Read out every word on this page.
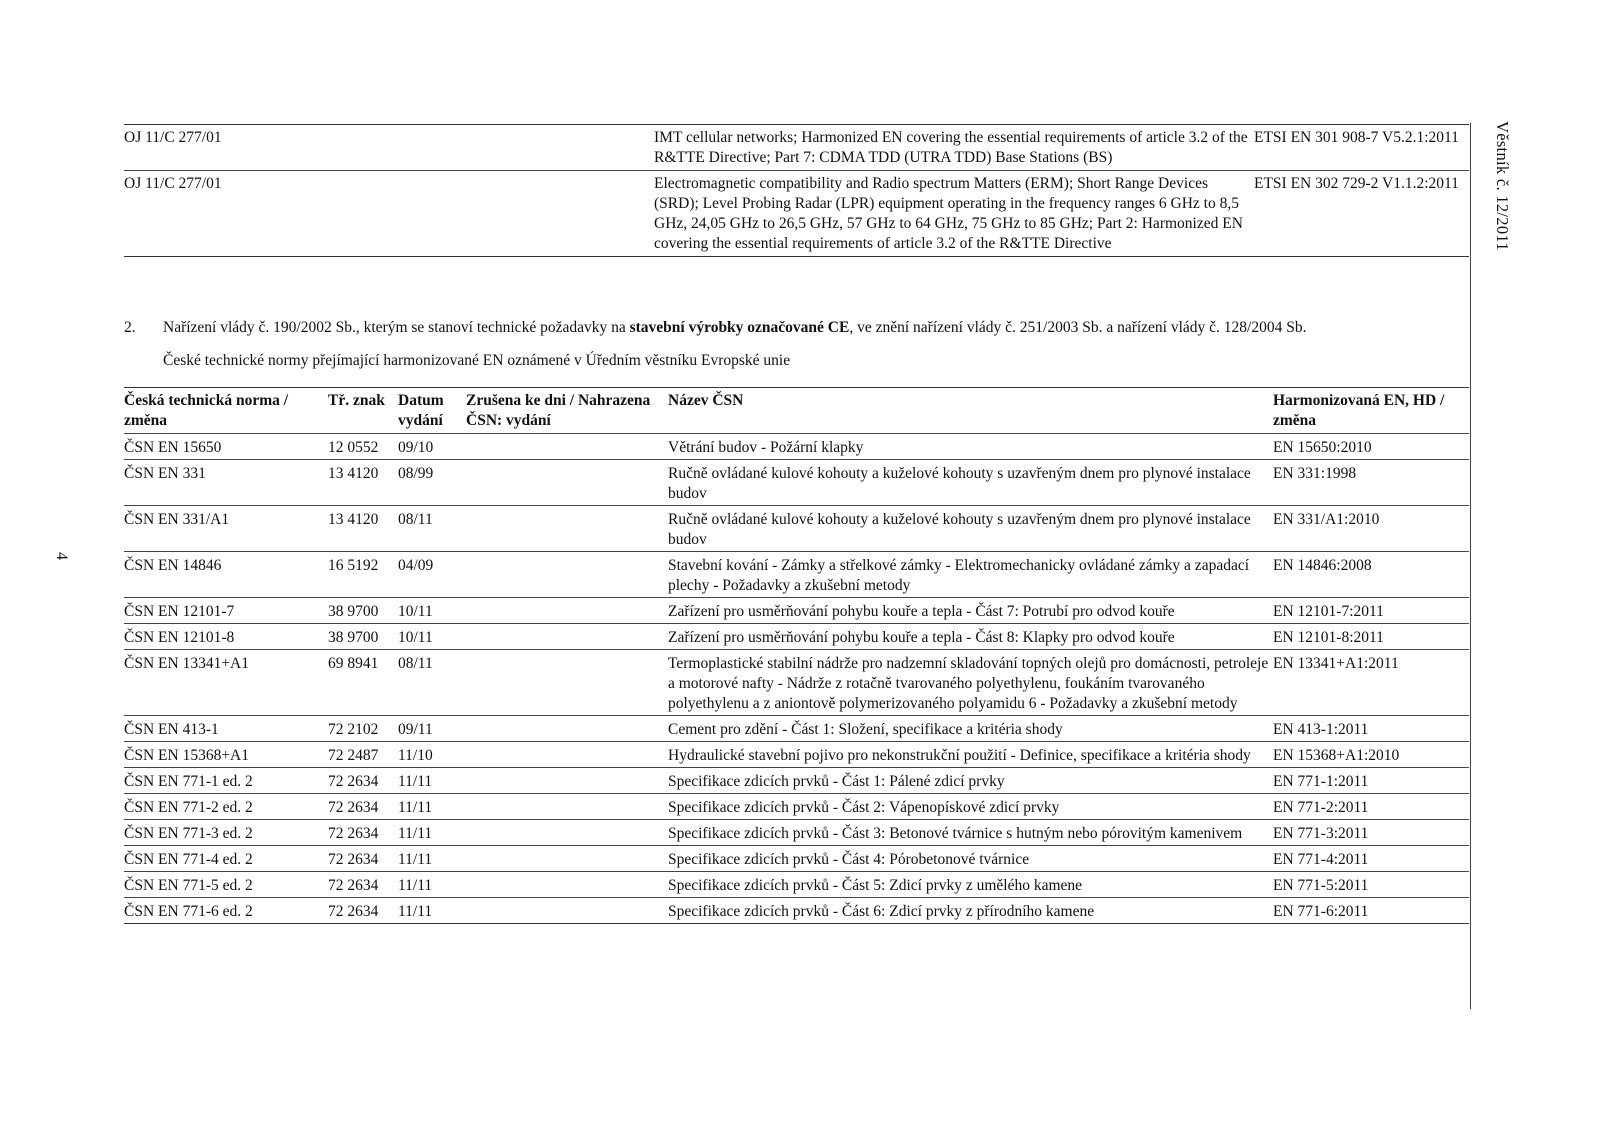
4
Věstník č. 12/2011
OJ 11/C 277/01	IMT cellular networks; Harmonized EN covering the essential requirements of article 3.2 of the R&TTE Directive; Part 7: CDMA TDD (UTRA TDD) Base Stations (BS)	ETSI EN 301 908-7 V5.2.1:2011
OJ 11/C 277/01	Electromagnetic compatibility and Radio spectrum Matters (ERM); Short Range Devices (SRD); Level Probing Radar (LPR) equipment operating in the frequency ranges 6 GHz to 8,5 GHz, 24,05 GHz to 26,5 GHz, 57 GHz to 64 GHz, 75 GHz to 85 GHz; Part 2: Harmonized EN covering the essential requirements of article 3.2 of the R&TTE Directive	ETSI EN 302 729-2 V1.1.2:2011
2. Nařízení vlády č. 190/2002 Sb., kterým se stanoví technické požadavky na stavební výrobky označované CE, ve znění nařízení vlády č. 251/2003 Sb. a nařízení vlády č. 128/2004 Sb.
České technické normy přejímající harmonizované EN oznámené v Úředním věstníku Evropské unie
Česká technická norma / změna	Tř. znak	Datum vydání	Zrušena ke dni / Nahrazena ČSN: vydání	Název ČSN	Harmonizovaná EN, HD / změna
ČSN EN 15650	12 0552	09/10		Větrání budov - Požární klapky	EN 15650:2010
ČSN EN 331	13 4120	08/99		Ručně ovládané kulové kohouty a kuželové kohouty s uzavřeným dnem pro plynové instalace budov	EN 331:1998
ČSN EN 331/A1	13 4120	08/11		Ručně ovládané kulové kohouty a kuželové kohouty s uzavřeným dnem pro plynové instalace budov	EN 331/A1:2010
ČSN EN 14846	16 5192	04/09		Stavební kování - Zámky a střelkové zámky - Elektromechanicky ovládané zámky a zapadací plechy - Požadavky a zkušební metody	EN 14846:2008
ČSN EN 12101-7	38 9700	10/11		Zařízení pro usměrňování pohybu kouře a tepla - Část 7: Potrubí pro odvod kouře	EN 12101-7:2011
ČSN EN 12101-8	38 9700	10/11		Zařízení pro usměrňování pohybu kouře a tepla - Část 8: Klapky pro odvod kouře	EN 12101-8:2011
ČSN EN 13341+A1	69 8941	08/11		Termoplastické stabilní nádrže pro nadzemní skladování topných olejů pro domácnosti, petroleje a motorové nafty - Nádrže z rotačně tvarovaného polyethylenu, foukáním tvarovaného polyethylenu a z aniontově polymerizovaného polyamidu 6 - Požadavky a zkušební metody	EN 13341+A1:2011
ČSN EN 413-1	72 2102	09/11		Cement pro zdění - Část 1: Složení, specifikace a kritéria shody	EN 413-1:2011
ČSN EN 15368+A1	72 2487	11/10		Hydraulické stavební pojivo pro nekonstrukční použití - Definice, specifikace a kritéria shody	EN 15368+A1:2010
ČSN EN 771-1 ed. 2	72 2634	11/11		Specifikace zdicích prvků - Část 1: Pálené zdicí prvky	EN 771-1:2011
ČSN EN 771-2 ed. 2	72 2634	11/11		Specifikace zdicích prvků - Část 2: Vápenopískové zdicí prvky	EN 771-2:2011
ČSN EN 771-3 ed. 2	72 2634	11/11		Specifikace zdicích prvků - Část 3: Betonové tvárnice s hutným nebo pórovitým kamenivem	EN 771-3:2011
ČSN EN 771-4 ed. 2	72 2634	11/11		Specifikace zdicích prvků - Část 4: Pórobetonové tvárnice	EN 771-4:2011
ČSN EN 771-5 ed. 2	72 2634	11/11		Specifikace zdicích prvků - Část 5: Zdicí prvky z umělého kamene	EN 771-5:2011
ČSN EN 771-6 ed. 2	72 2634	11/11		Specifikace zdicích prvků - Část 6: Zdicí prvky z přírodního kamene	EN 771-6:2011
